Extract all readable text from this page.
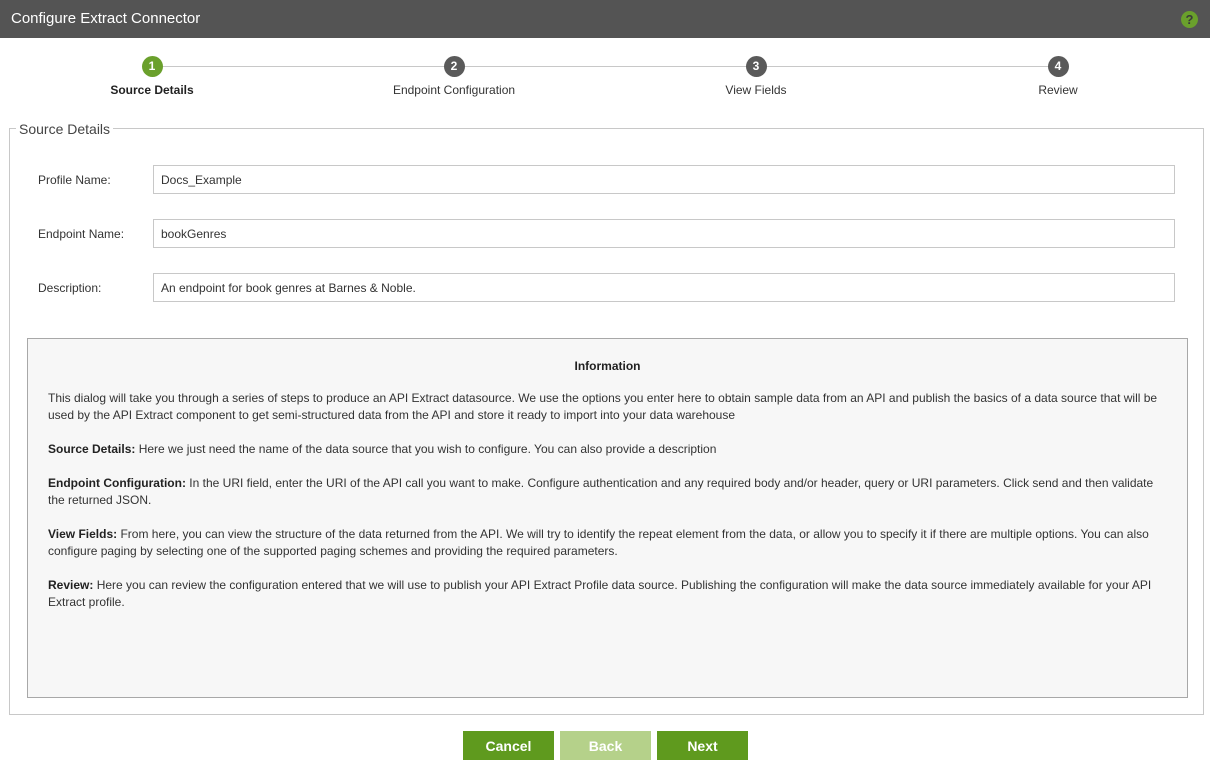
Configure Extract Connector	?
1
Source Details
2
Endpoint Configuration
3
View Fields
4
Review
Source Details
Profile Name:
Docs_Example
Endpoint Name:
bookGenres
Description:
An endpoint for book genres at Barnes & Noble.
Information

This dialog will take you through a series of steps to produce an API Extract datasource. We use the options you enter here to obtain sample data from an API and publish the basics of a data source that will be used by the API Extract component to get semi-structured data from the API and store it ready to import into your data warehouse

Source Details: Here we just need the name of the data source that you wish to configure. You can also provide a description

Endpoint Configuration: In the URI field, enter the URI of the API call you want to make. Configure authentication and any required body and/or header, query or URI parameters. Click send and then validate the returned JSON.

View Fields: From here, you can view the structure of the data returned from the API. We will try to identify the repeat element from the data, or allow you to specify it if there are multiple options. You can also configure paging by selecting one of the supported paging schemes and providing the required parameters.

Review: Here you can review the configuration entered that we will use to publish your API Extract Profile data source. Publishing the configuration will make the data source immediately available for your API Extract profile.

Cancel	Back	Next
